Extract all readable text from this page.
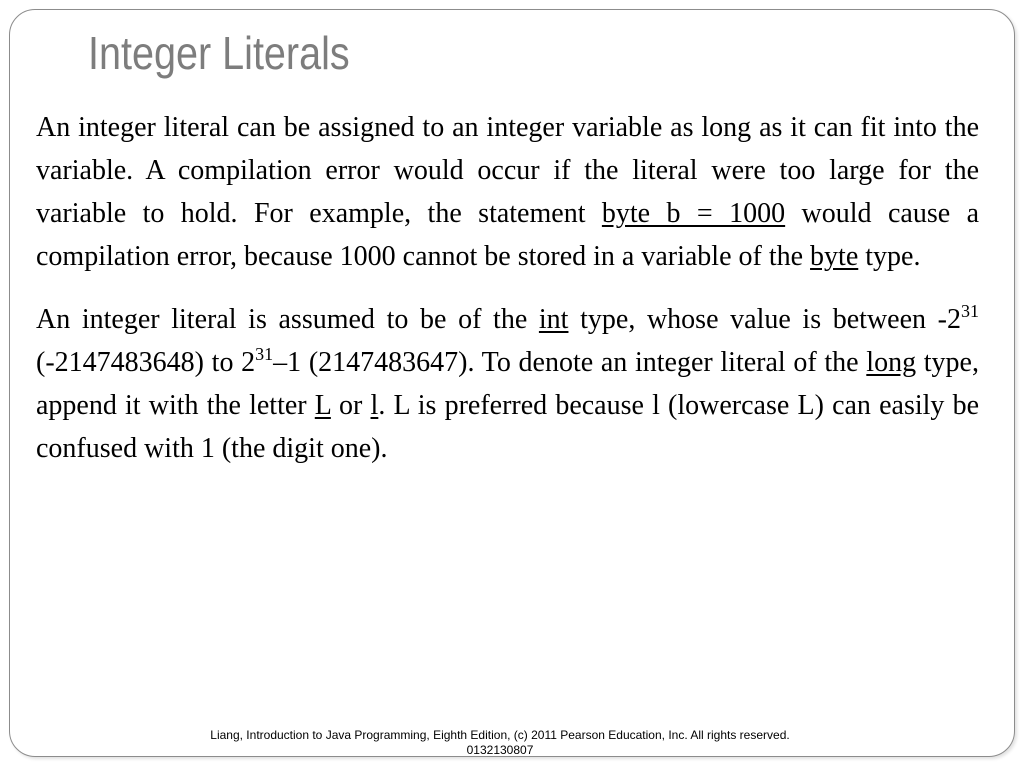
Integer Literals

An integer literal can be assigned to an integer variable as long as it can fit into the variable. A compilation error would occur if the literal were too large for the variable to hold. For example, the statement byte b = 1000 would cause a compilation error, because 1000 cannot be stored in a variable of the byte type.

An integer literal is assumed to be of the int type, whose value is between $-2^{31}$ (-2147483648) to $2^{31}-1$ (2147483647). To denote an integer literal of the long type, append it with the letter L or l. L is preferred because l (lowercase L) can easily be confused with 1 (the digit one).

Liang, Introduction to Java Programming, Eighth Edition, (c) 2011 Pearson Education, Inc. All rights reserved. 0132130807
